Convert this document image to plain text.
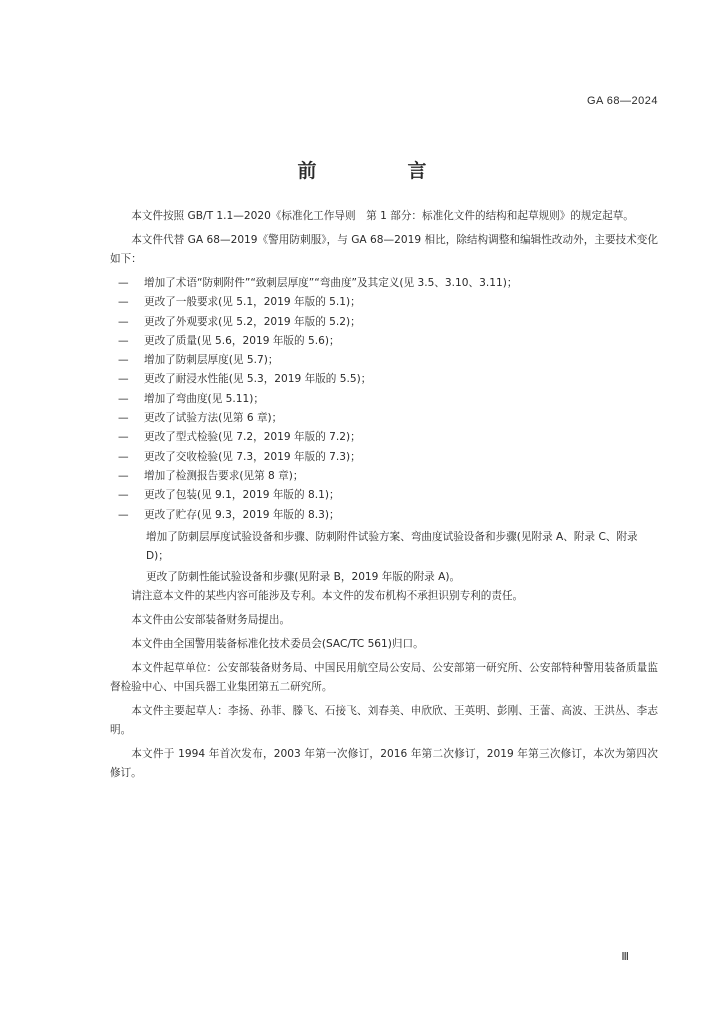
GA 68—2024
前　言

本文件按照 GB/T 1.1—2020《标准化工作导则　第 1 部分：标准化文件的结构和起草规则》的规定起草。

本文件代替 GA 68—2019《警用防刺服》，与 GA 68—2019 相比，除结构调整和编辑性改动外，主要技术变化如下：

— 增加了术语“防刺附件”“致刺层厚度”“弯曲度”及其定义(见 3.5、3.10、3.11)；
— 更改了一般要求(见 5.1，2019 年版的 5.1)；
— 更改了外观要求(见 5.2，2019 年版的 5.2)；
— 更改了质量(见 5.6，2019 年版的 5.6)；
— 增加了防刺层厚度(见 5.7)；
— 更改了耐浸水性能(见 5.3，2019 年版的 5.5)；
— 增加了弯曲度(见 5.11)；
— 更改了试验方法(见第 6 章)；
— 更改了型式检验(见 7.2，2019 年版的 7.2)；
— 更改了交收检验(见 7.3，2019 年版的 7.3)；
— 增加了检测报告要求(见第 8 章)；
— 更改了包装(见 9.1，2019 年版的 8.1)；
— 更改了贮存(见 9.3，2019 年版的 8.3)；

增加了防刺层厚度试验设备和步骤、防刺附件试验方案、弯曲度试验设备和步骤(见附录 A、附录 C、附录 D)；

更改了防刺性能试验设备和步骤(见附录 B，2019 年版的附录 A)。

请注意本文件的某些内容可能涉及专利。本文件的发布机构不承担识别专利的责任。

本文件由公安部装备财务局提出。

本文件由全国警用装备标准化技术委员会(SAC/TC 561)归口。

本文件起草单位：公安部装备财务局、中国民用航空局公安局、公安部第一研究所、公安部特种警用装备质量监督检验中心、中国兵器工业集团第五二研究所。

本文件主要起草人：李扬、孙菲、滕飞、石接飞、刘春美、申欣欣、王英明、彭刚、王蕾、高波、王洪丛、李志明。

本文件于 1994 年首次发布，2003 年第一次修订，2016 年第二次修订，2019 年第三次修订，本次为第四次修订。

Ⅲ
